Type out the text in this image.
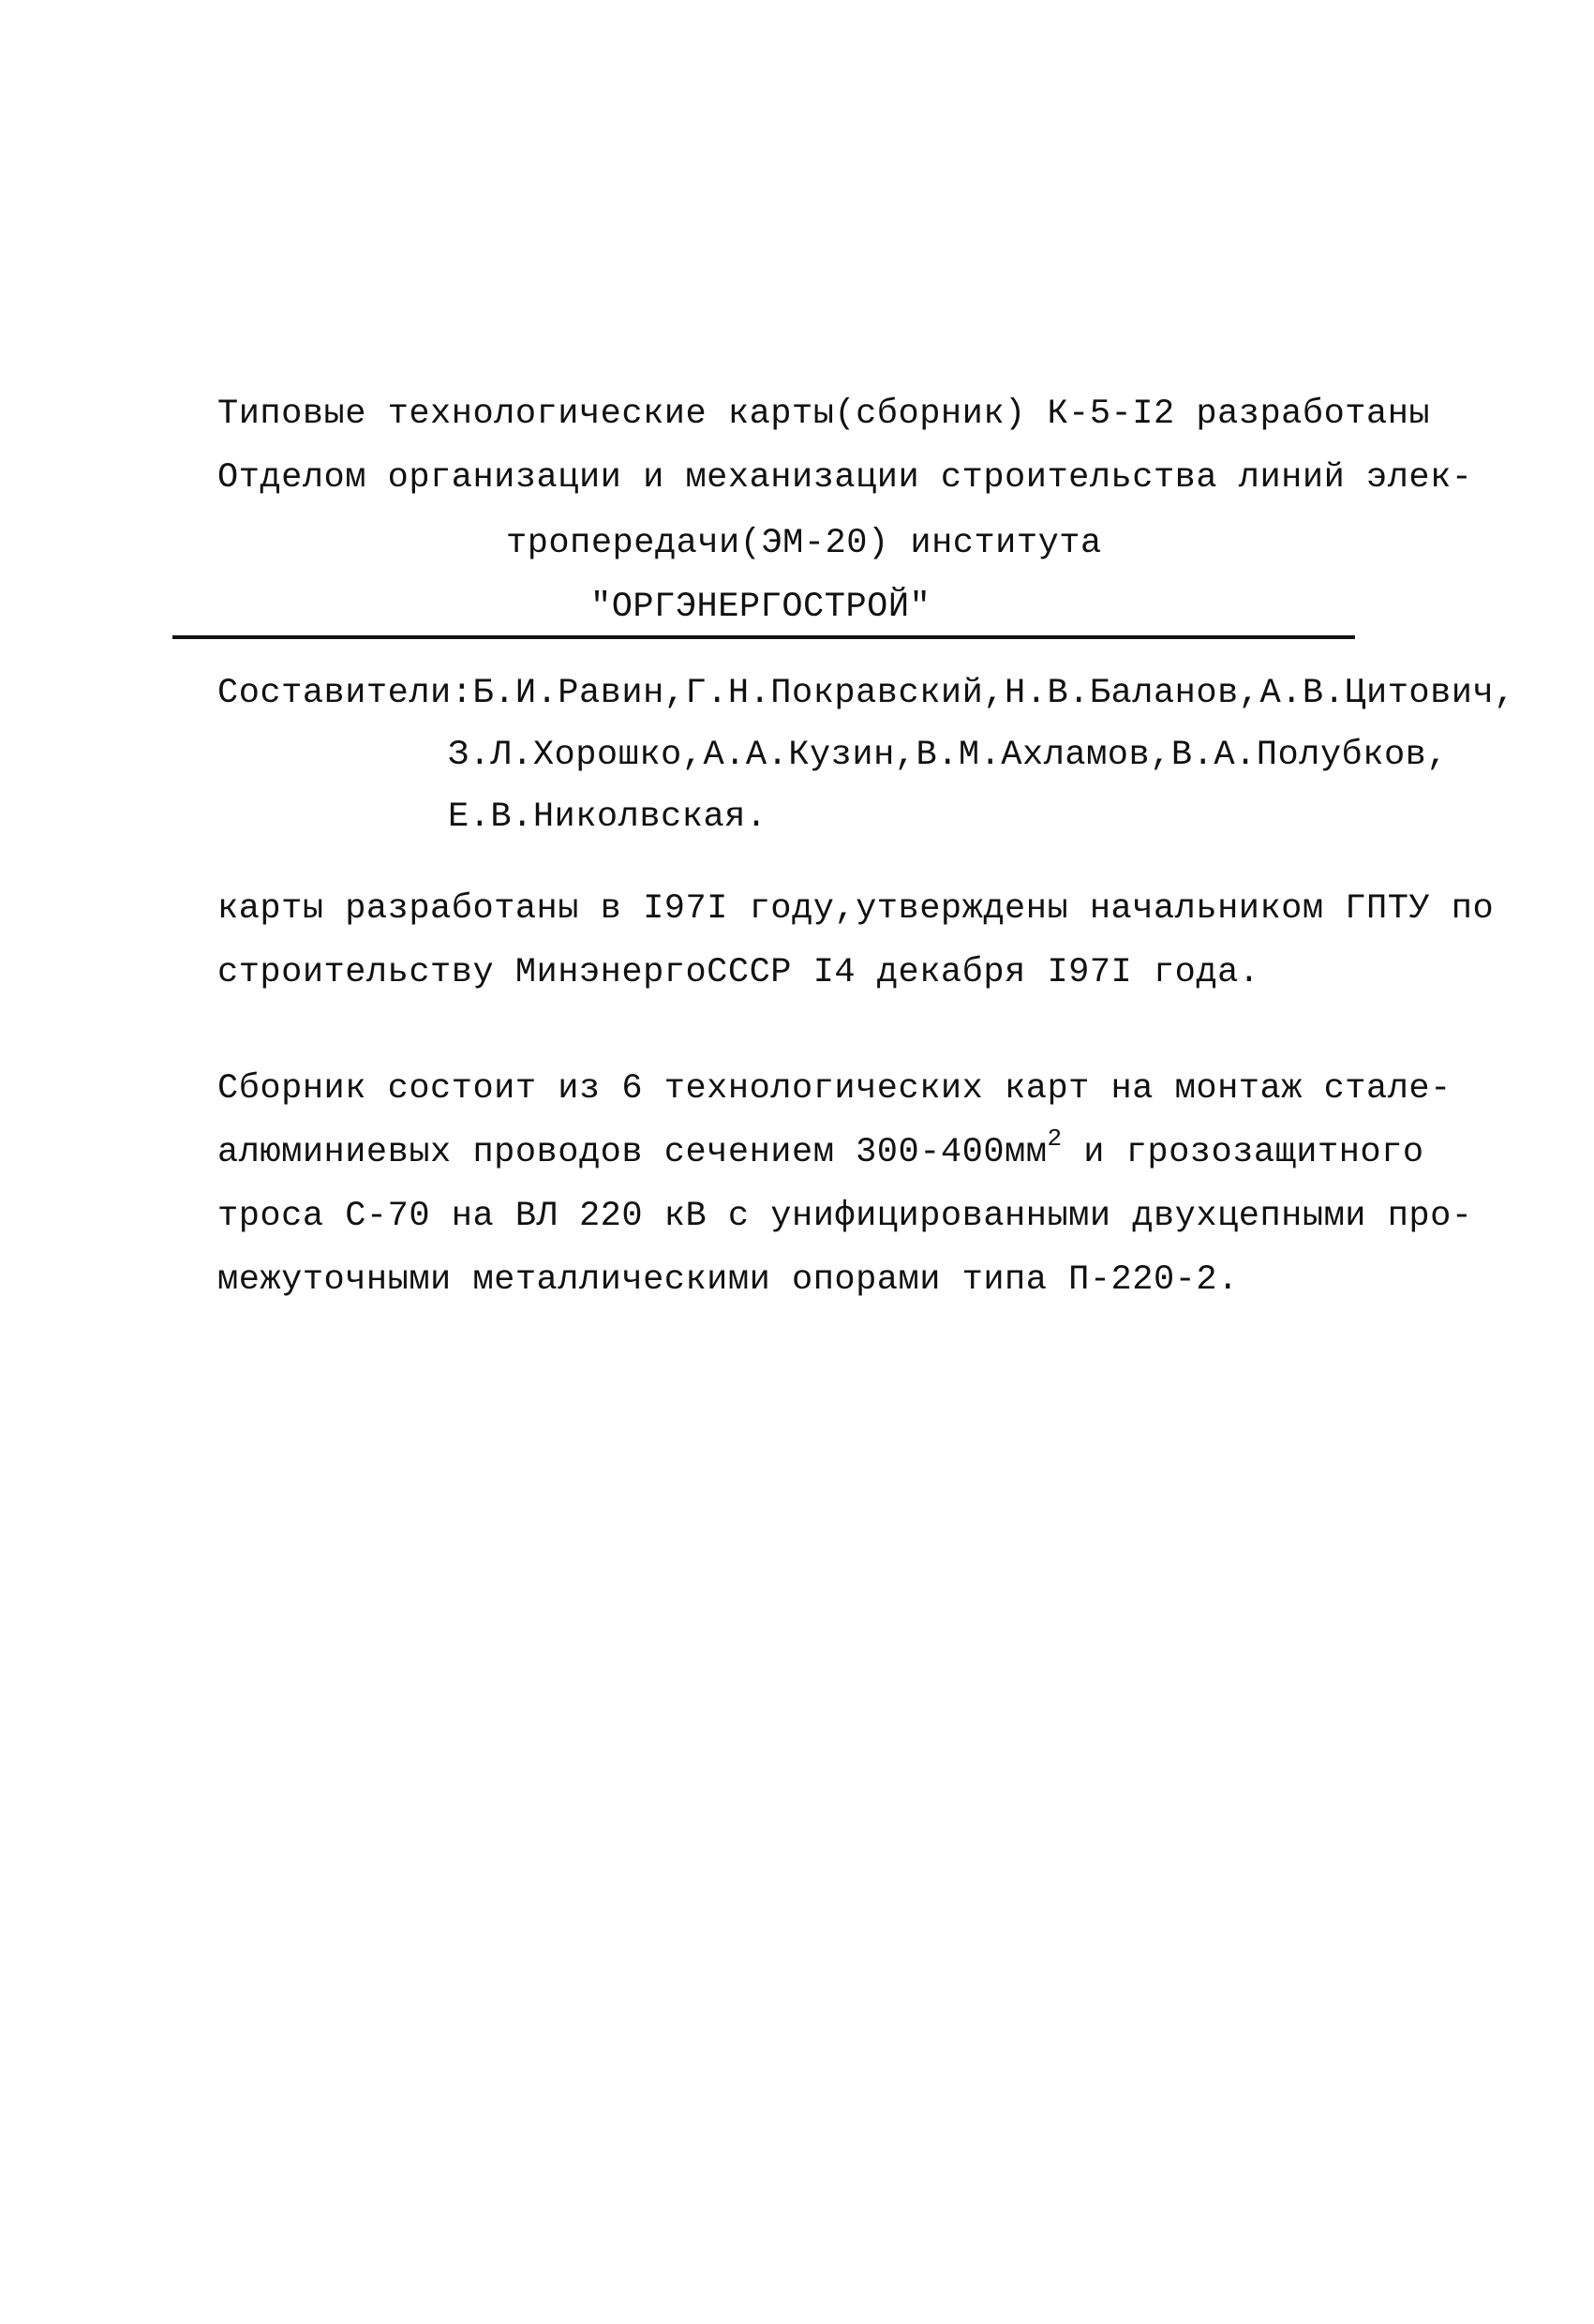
Типовые технологические карты(сборник) К-5-I2 разработаны
Отделом организации и механизации строительства линий элек-
тропередачи(ЭМ-20) института
"ОРГЭНЕРГОСТРОЙ"
Составители:Б.И.Равин,Г.Н.Покравский,Н.В.Баланов,А.В.Цитович,
З.Л.Хорошко,А.А.Кузин,В.М.Ахламов,В.А.Полубков,
Е.В.Николвская.
карты разработаны в I97I году,утверждены начальником ГПТУ по
строительству МинэнергоСССР I4 декабря I97I года.
Сборник состоит из 6 технологических карт на монтаж стале-
алюминиевых проводов сечением $300-400мм^2$ и грозозащитного
троса С-70 на ВЛ 220 кВ с унифицированными двухцепными про-
межуточными металлическими опорами типа П-220-2.
